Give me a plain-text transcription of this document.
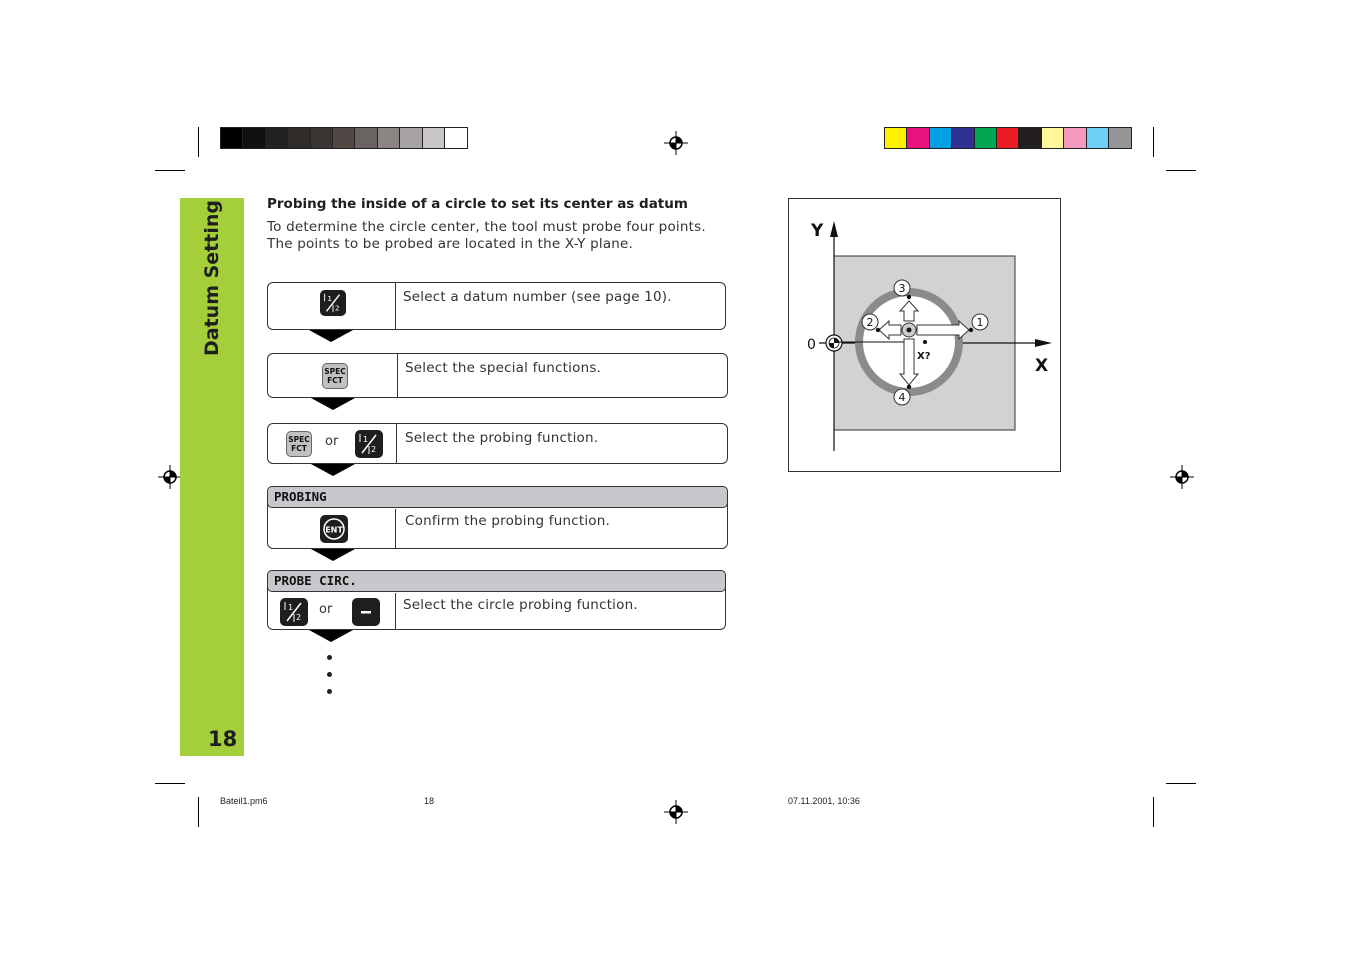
Datum Setting
18
Probing the inside of a circle to set its center as datum
To determine the circle center, the tool must probe four points. The points to be probed are located in the X-Y plane.
1
2
Select a datum number (see page 10).
SPEC
FCT
Select the special functions.
SPEC
FCT	or	1
2
Select the probing function.
Confirm the probing function.
ENT
PROBING
1
2
or	Select the circle probing function.
PROBE CIRC.
Y
X
0
X?
1
2
3
4
Bateil1.pm6	18	07.11.2001, 10:36
